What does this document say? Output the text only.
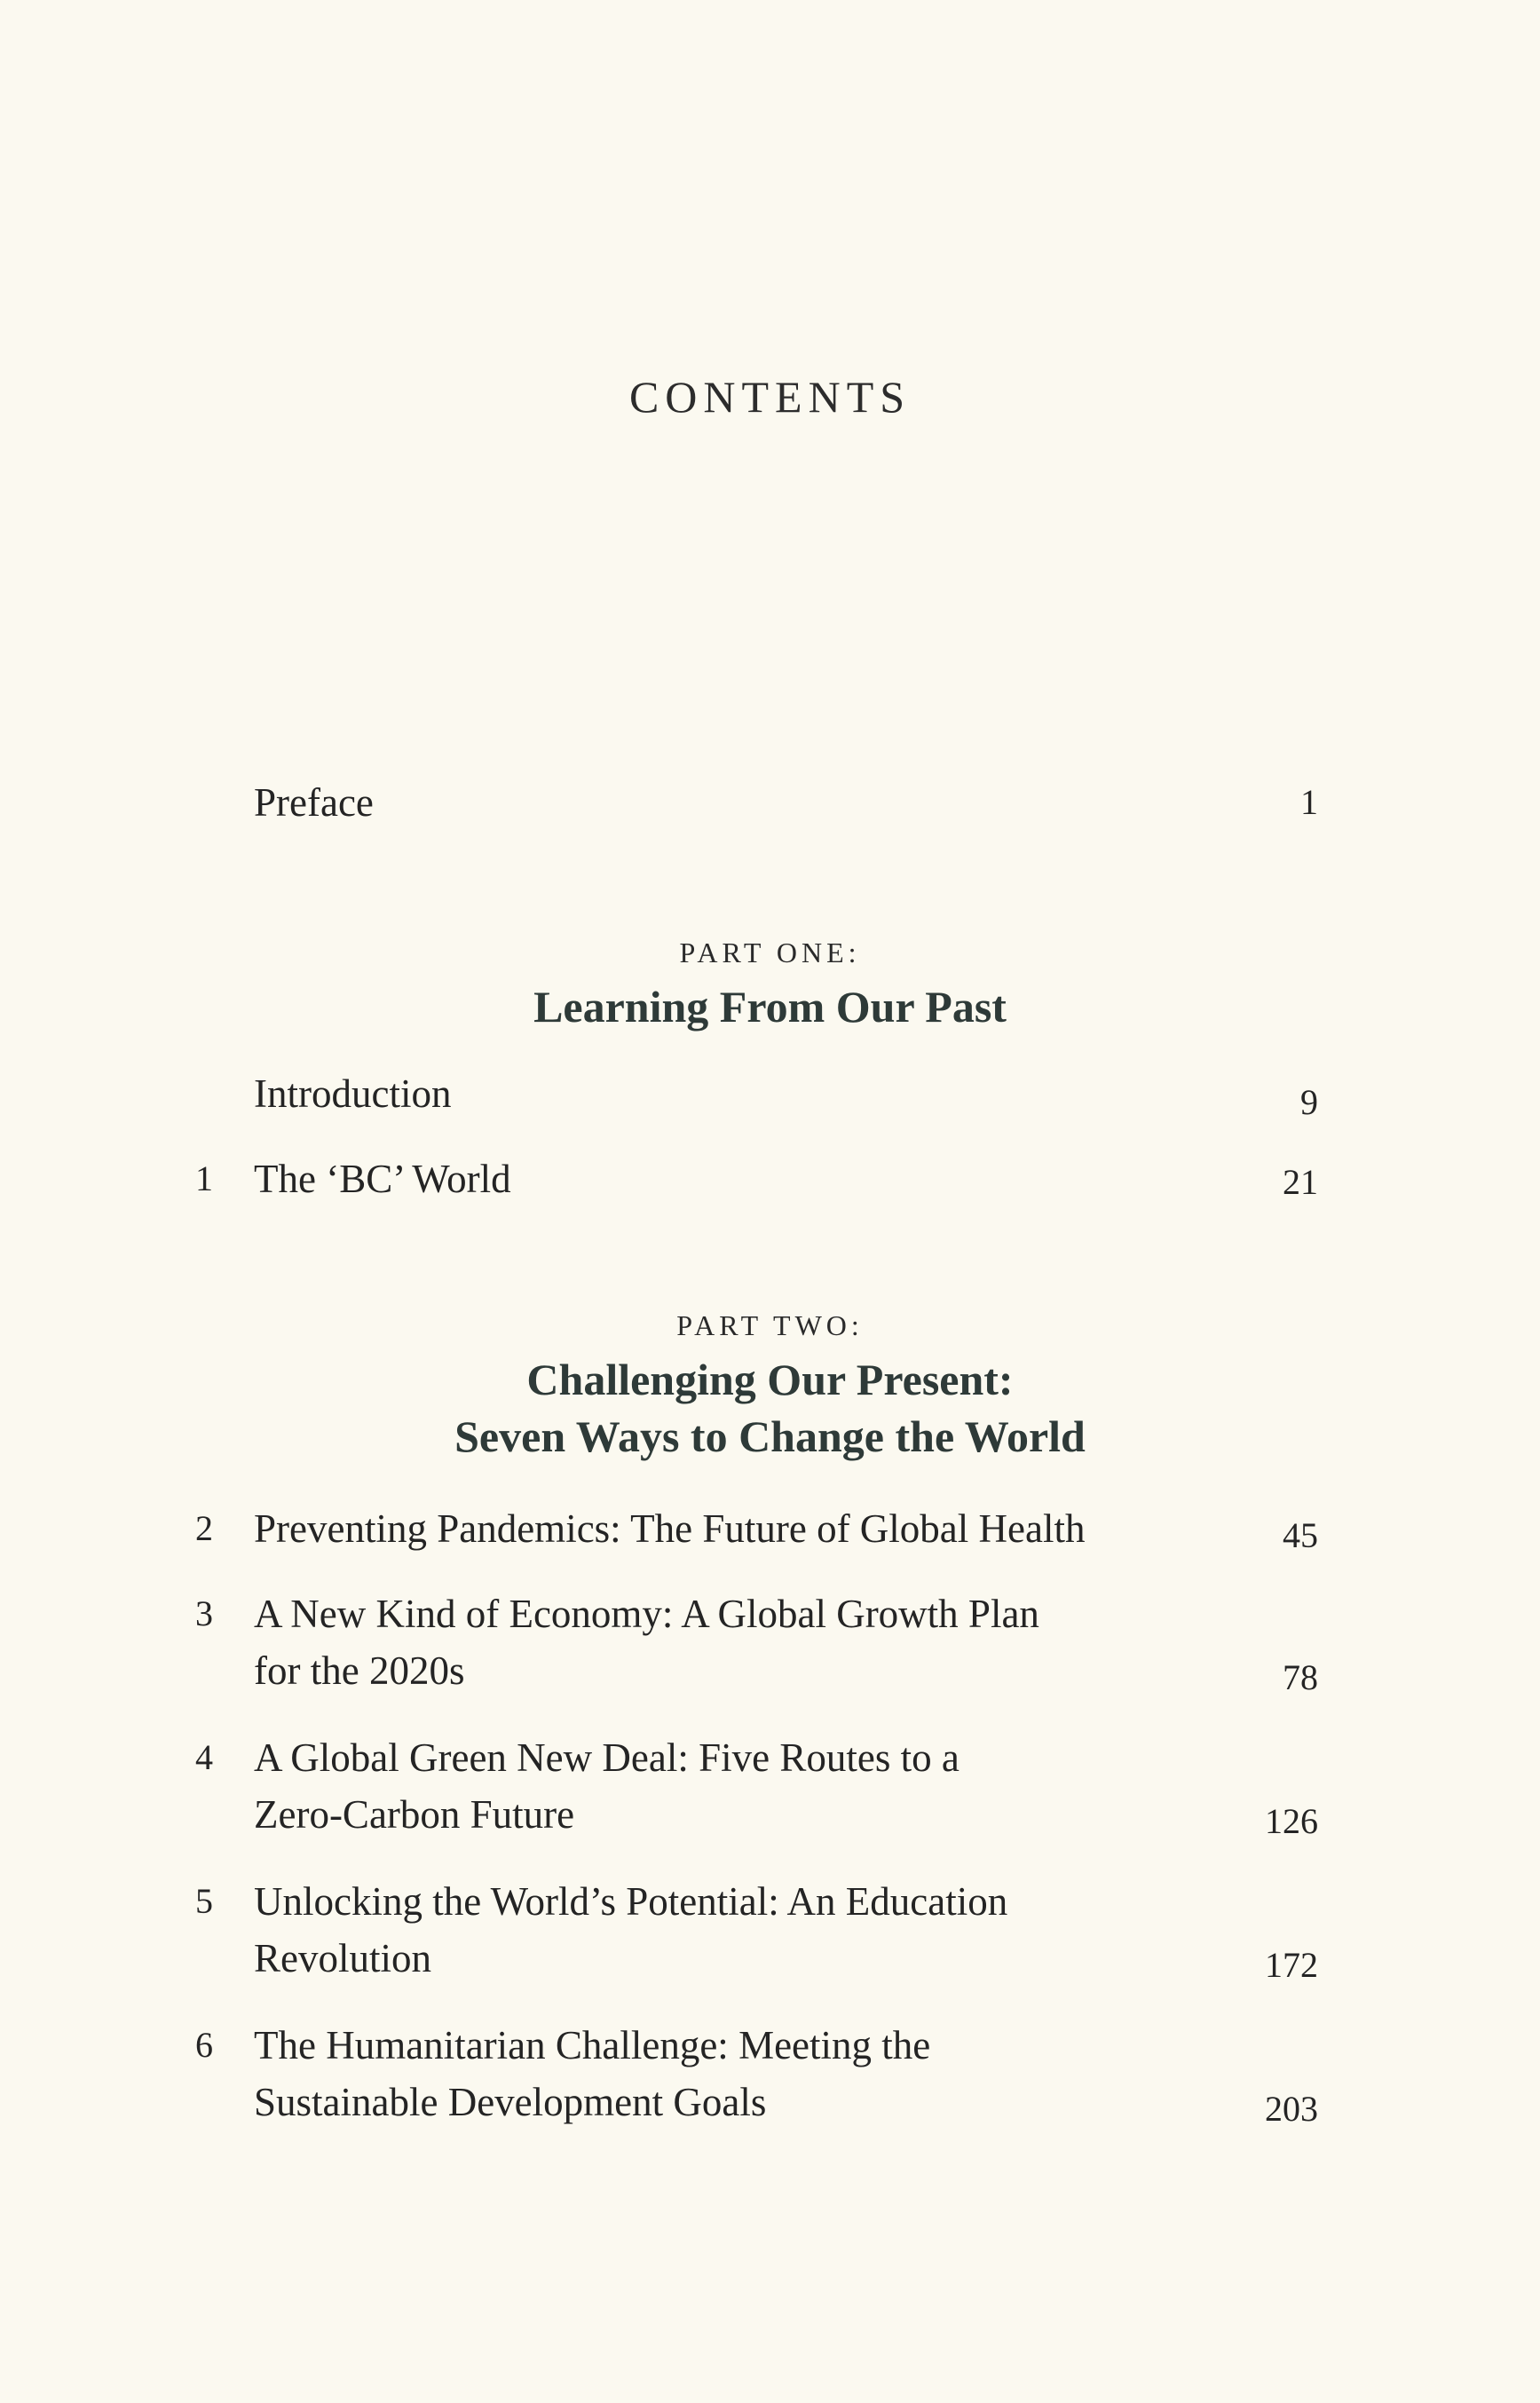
CONTENTS
Preface	1
PART ONE:
Learning From Our Past
Introduction	9
1	The ‘BC’ World	21
PART TWO:
Challenging Our Present:
Seven Ways to Change the World
2	Preventing Pandemics: The Future of Global Health	45
3	A New Kind of Economy: A Global Growth Plan
for the 2020s	78
4	A Global Green New Deal: Five Routes to a
Zero-Carbon Future	126
5	Unlocking the World’s Potential: An Education
Revolution	172
6	The Humanitarian Challenge: Meeting the
Sustainable Development Goals	203
